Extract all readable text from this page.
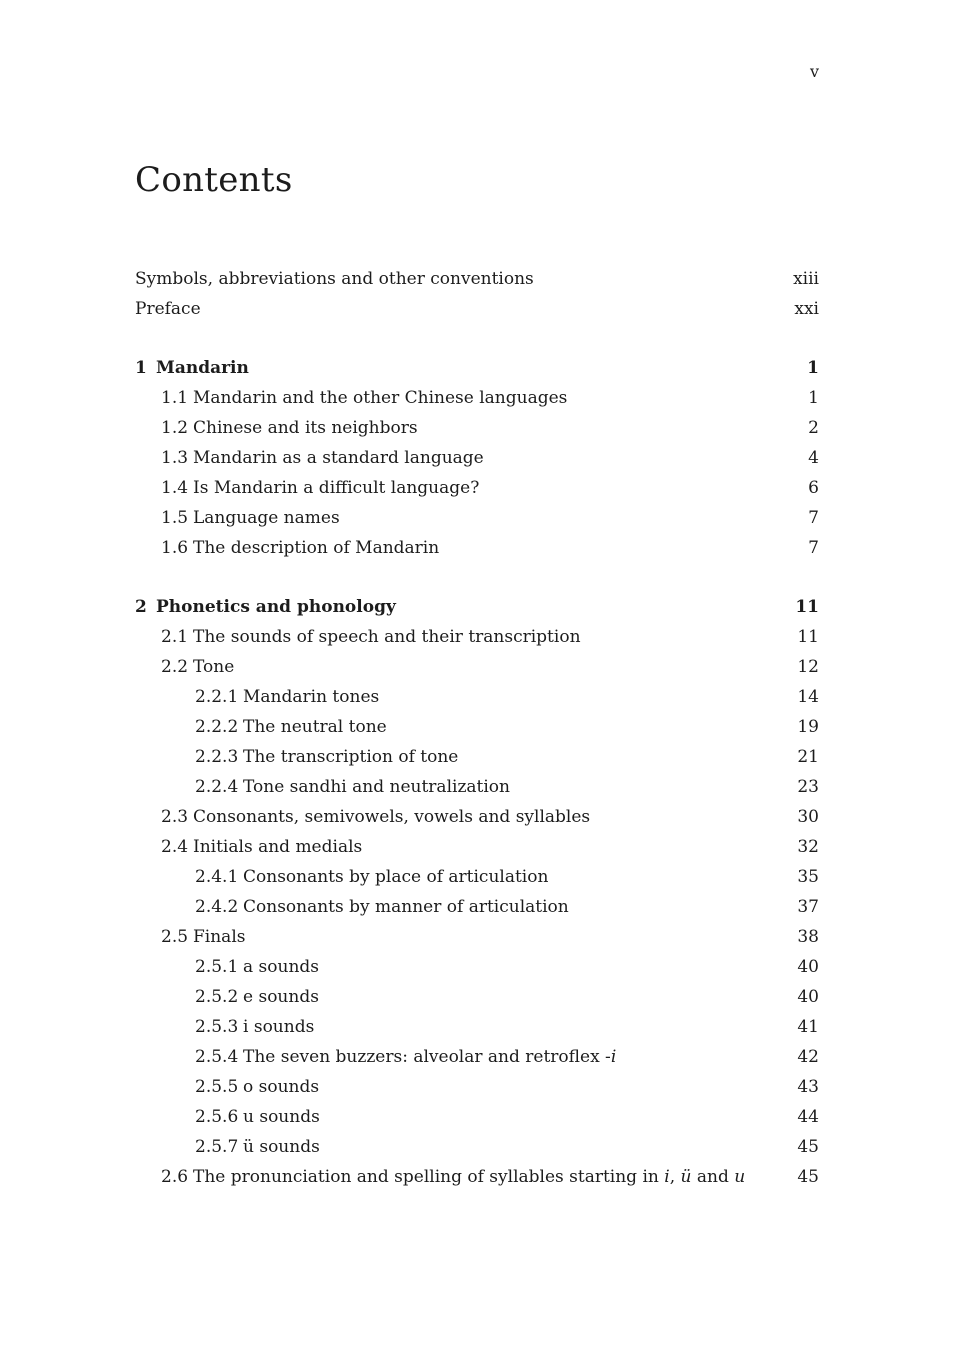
v
Contents
Symbols, abbreviations and other conventions	xiii
Preface	xxi
1 Mandarin	1
1.1 Mandarin and the other Chinese languages	1
1.2 Chinese and its neighbors	2
1.3 Mandarin as a standard language	4
1.4 Is Mandarin a difficult language?	6
1.5 Language names	7
1.6 The description of Mandarin	7
2 Phonetics and phonology	11
2.1 The sounds of speech and their transcription	11
2.2 Tone	12
2.2.1 Mandarin tones	14
2.2.2 The neutral tone	19
2.2.3 The transcription of tone	21
2.2.4 Tone sandhi and neutralization	23
2.3 Consonants, semivowels, vowels and syllables	30
2.4 Initials and medials	32
2.4.1 Consonants by place of articulation	35
2.4.2 Consonants by manner of articulation	37
2.5 Finals	38
2.5.1 a sounds	40
2.5.2 e sounds	40
2.5.3 i sounds	41
2.5.4 The seven buzzers: alveolar and retroflex -i	42
2.5.5 o sounds	43
2.5.6 u sounds	44
2.5.7 ü sounds	45
2.6 The pronunciation and spelling of syllables starting in i, ü and u	45
